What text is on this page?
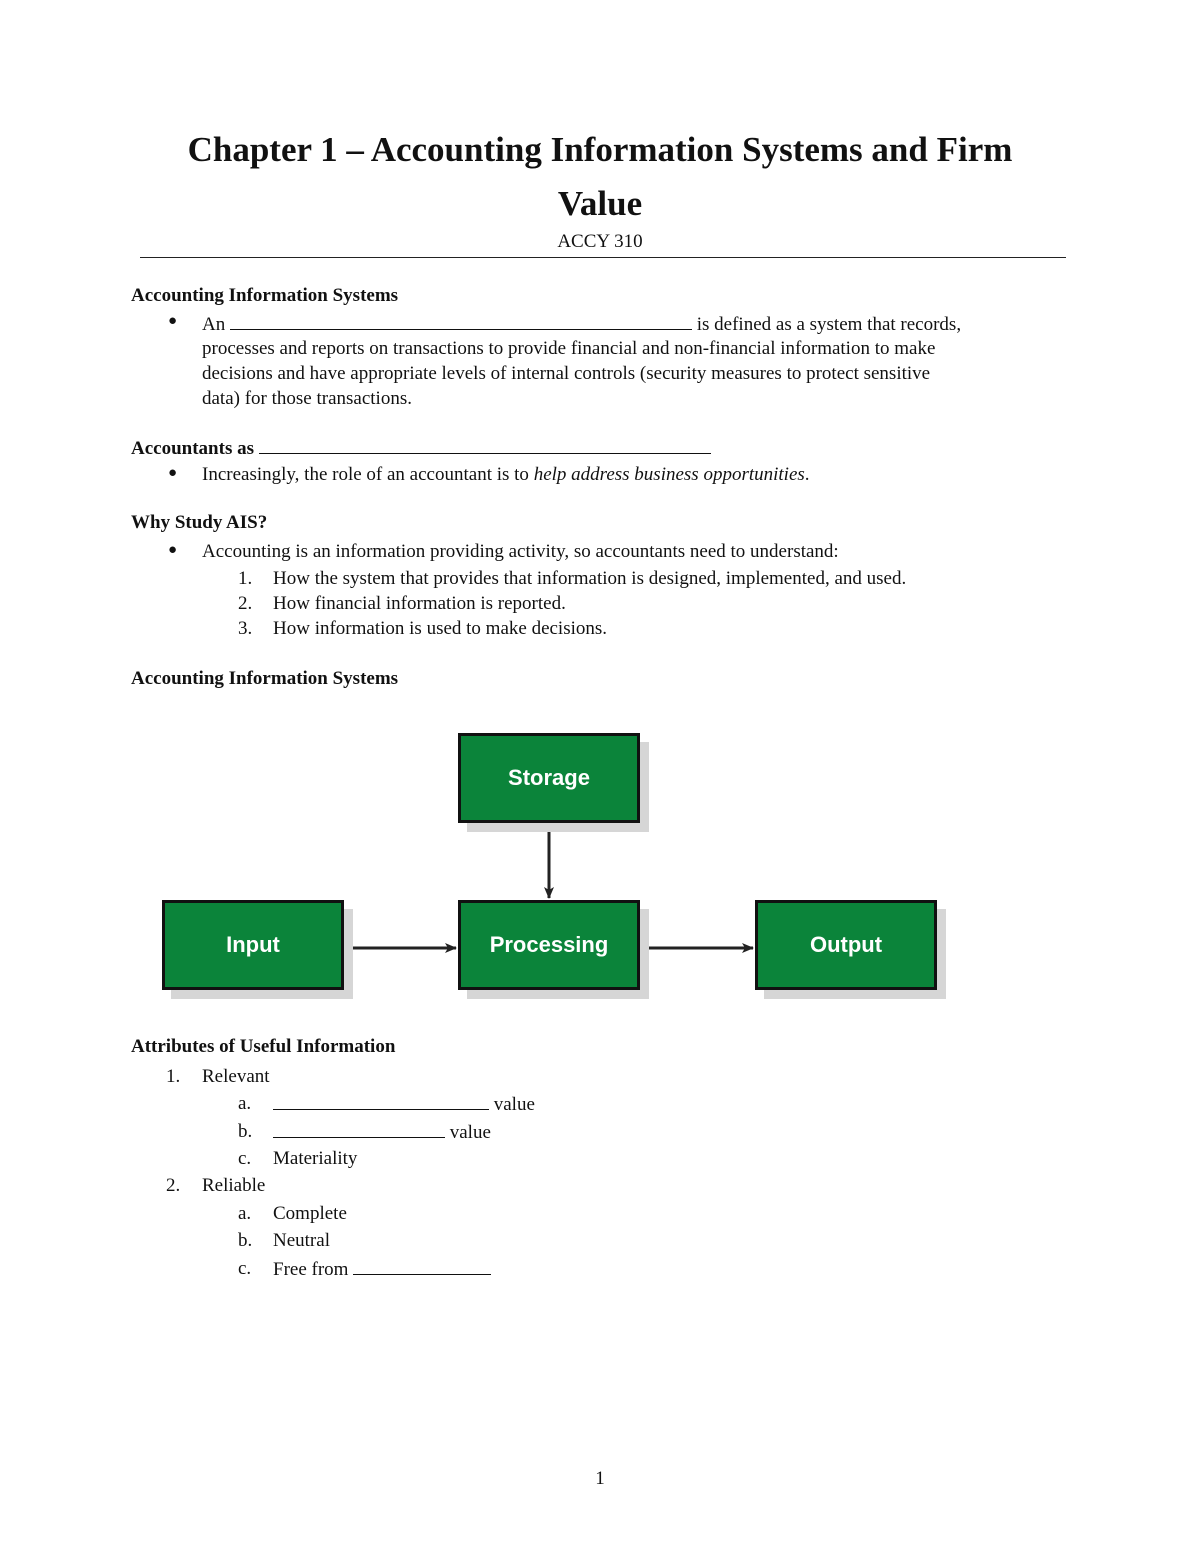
Chapter 1 – Accounting Information Systems and Firm
Value
ACCY 310
Accounting Information Systems
● An	is defined as a system that records,
processes and reports on transactions to provide financial and non-financial information to make
decisions and have appropriate levels of internal controls (security measures to protect sensitive
data) for those transactions.
Accountants as
● Increasingly, the role of an accountant is to help address business opportunities.
Why Study AIS?
● Accounting is an information providing activity, so accountants need to understand:
1. How the system that provides that information is designed, implemented, and used.
2. How financial information is reported.
3. How information is used to make decisions.
Accounting Information Systems
Storage
Input	Processing	Output
Attributes of Useful Information
1. Relevant
a.	value
b.	value
c. Materiality
2. Reliable
a. Complete
b. Neutral
c. Free from
1
